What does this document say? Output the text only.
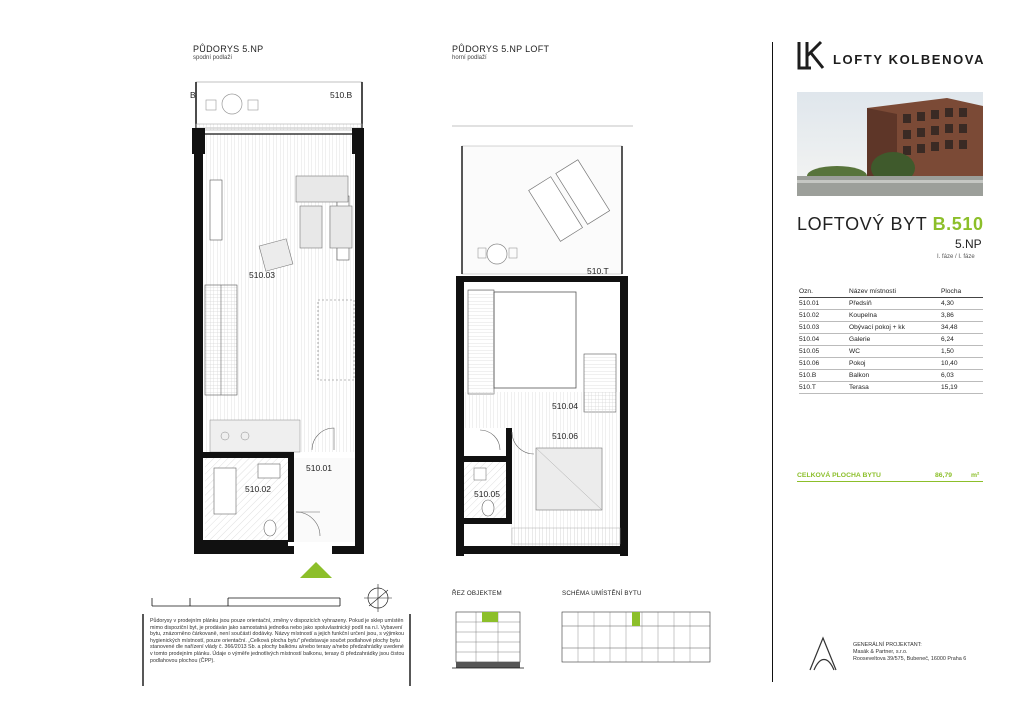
PŮDORYS 5.NP
spodní podlaží
510.B
B
510.03
510.01
510.02
PŮDORYS 5.NP LOFT
horní podlaží
510.T
510.04
510.06
510.05
Půdorysy v prodejním plánku jsou pouze orientační, změny v dispozicích vyhrazeny. Pokud je sklep umístěn mimo dispoziční byt, je prodáván jako samostatná jednotka nebo jako spoluvlastnický podíl na n.l. Vybavení bytu, znázorněno čárkovaně, není součástí dodávky. Názvy místností a jejich funkční určení jsou, s výjimkou hygienických místností, pouze orientační. „Celková plocha bytu" představuje součet podlahové plochy bytu stanovené dle nařízení vlády č. 366/2013 Sb. a plochy balkónu a/nebo terasy a/nebo předzahrádky uvedené v tomto prodejním plánku. Údaje o výměře jednotlivých místností balkonu, terasy či předzahrádky jsou čistou podlahovou plochou (ČPP).
ŘEZ OBJEKTEM	SCHÉMA UMÍSTĚNÍ BYTU
LOFTY KOLBENOVA
LOFTOVÝ BYT B.510
5.NP
I. fáze / I. fáze
Ozn.	Název místnosti	Plocha
510.01	Předsíň	4,30
510.02	Koupelna	3,86
510.03	Obývací pokoj + kk	34,48
510.04	Galerie	6,24
510.05	WC	1,50
510.06	Pokoj	10,40
510.B	Balkon	6,03
510.T	Terasa	15,19
CELKOVÁ PLOCHA BYTU	86,79	m²
GENERÁLNÍ PROJEKTANT:
Masák & Partner, s.r.o.
Rooseveltova 39/575, Bubeneč, 16000 Praha 6
